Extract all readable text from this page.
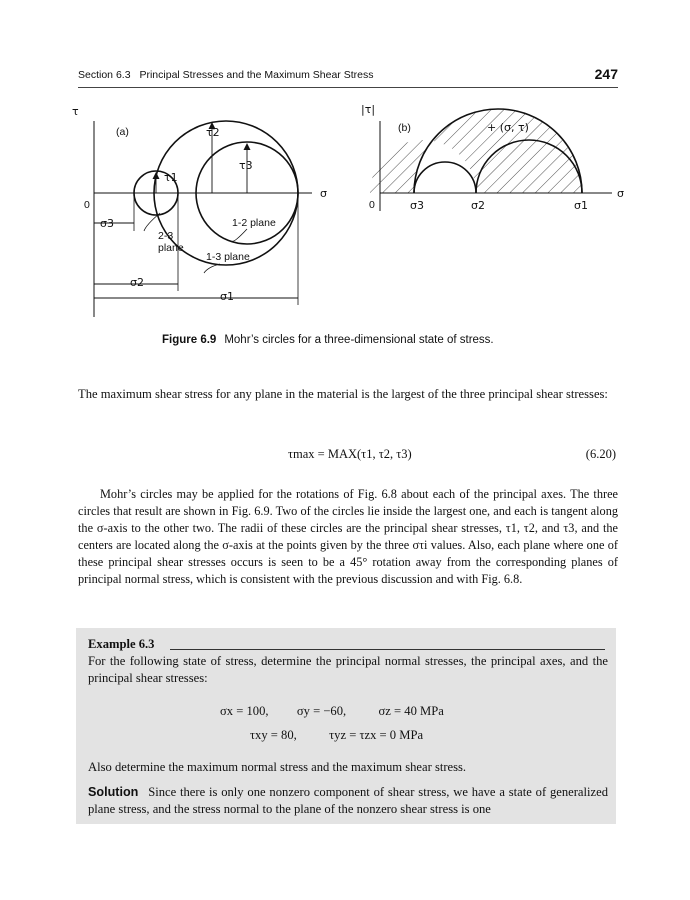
Section 6.3 Principal Stresses and the Maximum Shear Stress	247
τ
0
σ
(a)
τ1
τ2
τ3
σ3
σ2
σ1
2-3
plane
1-2 plane
1-3 plane
|τ|
0
σ
(b)	+ (σ, τ)
σ3	σ2	σ1
Figure 6.9 Mohr’s circles for a three-dimensional state of stress.

The maximum shear stress for any plane in the material is the largest of the three principal shear stresses:

τmax = MAX(τ1, τ2, τ3)	(6.20)

Mohr’s circles may be applied for the rotations of Fig. 6.8 about each of the principal axes. The three circles that result are shown in Fig. 6.9. Two of the circles lie inside the largest one, and each is tangent along the σ-axis to the other two. The radii of these circles are the principal shear stresses, τ1, τ2, and τ3, and the centers are located along the σ-axis at the points given by the three στi values. Also, each plane where one of these principal shear stresses occurs is seen to be a 45° rotation away from the corresponding planes of principal normal stress, which is consistent with the previous discussion and with Fig. 6.8.

Example 6.3

For the following state of stress, determine the principal normal stresses, the principal axes, and the principal shear stresses:

σx = 100, σy = −60,	σz = 40 MPa
τxy = 80,	τyz = τzx = 0 MPa
Also determine the maximum normal stress and the maximum shear stress.

Solution Since there is only one nonzero component of shear stress, we have a state of generalized plane stress, and the stress normal to the plane of the nonzero shear stress is one
